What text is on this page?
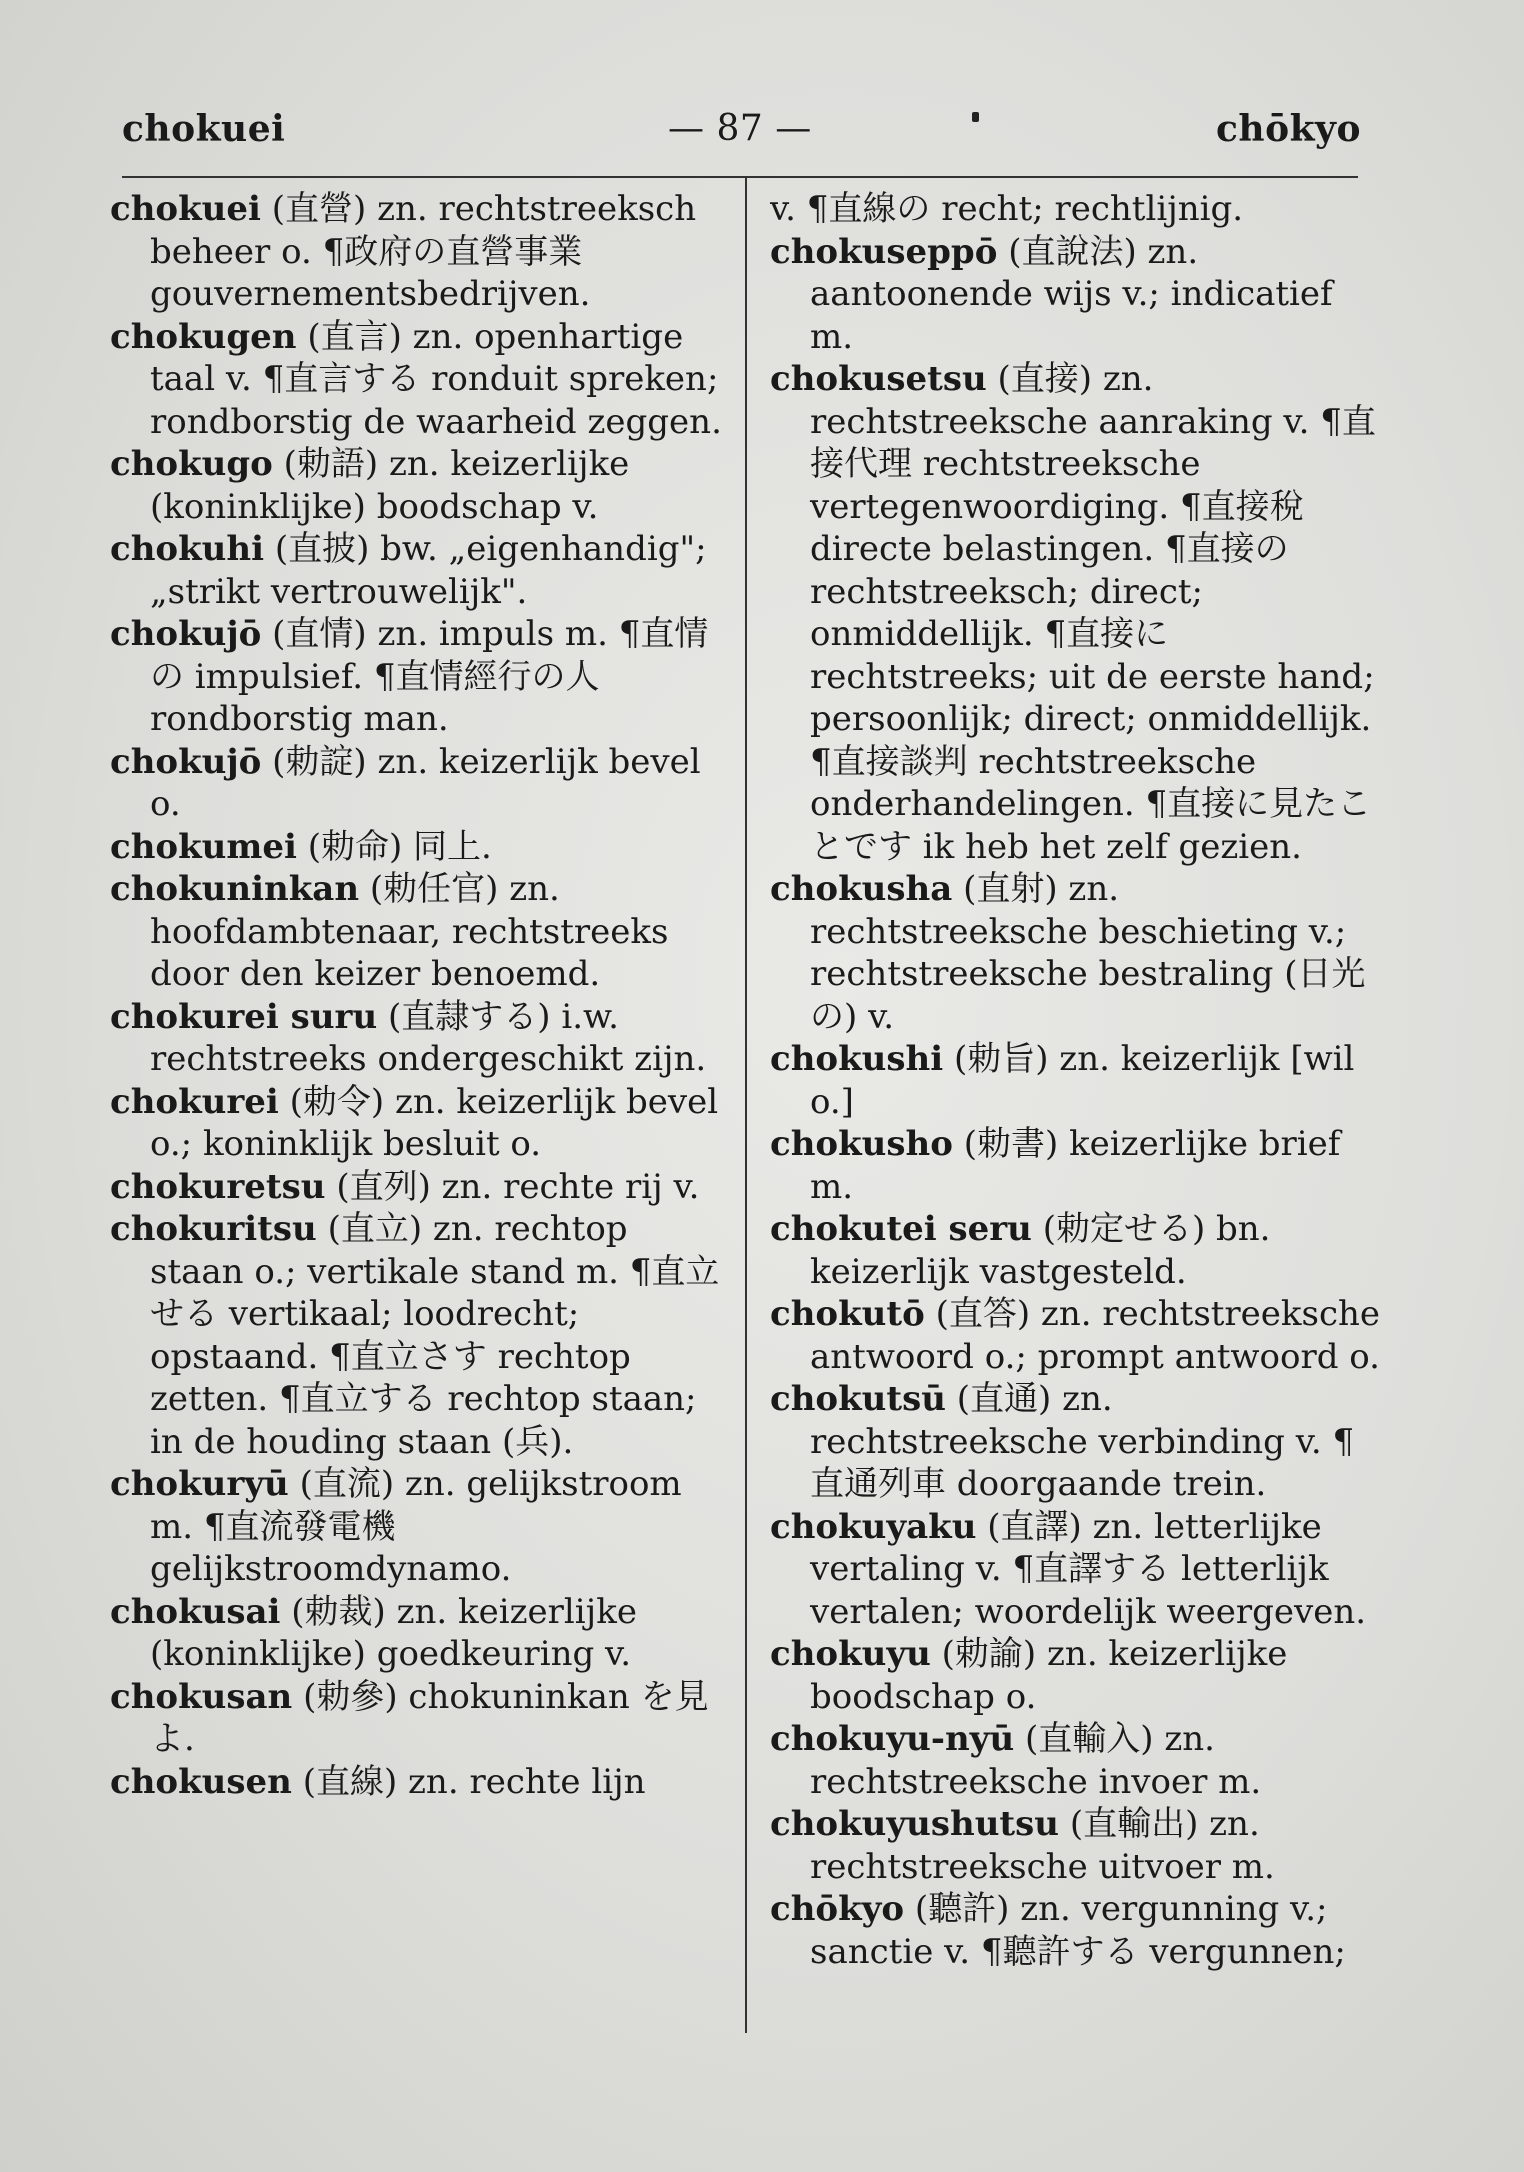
chokuei	— 87 —	chōkyo
chokuei (直營) zn. rechtstreeksch beheer o. ¶政府の直營事業 gouvernementsbedrijven.
chokugen (直言) zn. openhartige taal v. ¶直言する ronduit spreken; rondborstig de waarheid zeggen.
chokugo (勅語) zn. keizerlijke (koninklijke) boodschap v.
chokuhi (直披) bw. „eigenhandig"; „strikt vertrouwelijk".
chokujō (直情) zn. impuls m. ¶直情の impulsief. ¶直情經行の人 rondborstig man.
chokujō (勅諚) zn. keizerlijk bevel o.
chokumei (勅命) 同上.
chokuninkan (勅任官) zn. hoofdambtenaar, rechtstreeks door den keizer benoemd.
chokurei suru (直隷する) i.w. rechtstreeks ondergeschikt zijn.
chokurei (勅令) zn. keizerlijk bevel o.; koninklijk besluit o.
chokuretsu (直列) zn. rechte rij v.
chokuritsu (直立) zn. rechtop staan o.; vertikale stand m. ¶直立せる vertikaal; loodrecht; opstaand. ¶直立さす rechtop zetten. ¶直立する rechtop staan; in de houding staan (兵).
chokuryū (直流) zn. gelijkstroom m. ¶直流發電機 gelijkstroomdynamo.
chokusai (勅裁) zn. keizerlijke (koninklijke) goedkeuring v.
chokusan (勅參) chokuninkan を見よ.
chokusen (直線) zn. rechte lijn
v. ¶直線の recht; rechtlijnig.
chokuseppō (直說法) zn. aantoonende wijs v.; indicatief m.
chokusetsu (直接) zn. rechtstreeksche aanraking v. ¶直接代理 rechtstreeksche vertegenwoordiging. ¶直接稅 directe belastingen. ¶直接の rechtstreeksch; direct; onmiddellijk. ¶直接に rechtstreeks; uit de eerste hand; persoonlijk; direct; onmiddellijk. ¶直接談判 rechtstreeksche onderhandelingen. ¶直接に見たことです ik heb het zelf gezien.
chokusha (直射) zn. rechtstreeksche beschieting v.; rechtstreeksche bestraling (日光の) v.
chokushi (勅旨) zn. keizerlijk [wil o.]
chokusho (勅書) keizerlijke brief m.
chokutei seru (勅定せる) bn. keizerlijk vastgesteld.
chokutō (直答) zn. rechtstreeksche antwoord o.; prompt antwoord o.
chokutsū (直通) zn. rechtstreeksche verbinding v. ¶直通列車 doorgaande trein.
chokuyaku (直譯) zn. letterlijke vertaling v. ¶直譯する letterlijk vertalen; woordelijk weergeven.
chokuyu (勅諭) zn. keizerlijke boodschap o.
chokuyu-nyū (直輸入) zn. rechtstreeksche invoer m.
chokuyushutsu (直輸出) zn. rechtstreeksche uitvoer m.
chōkyo (聽許) zn. vergunning v.; sanctie v. ¶聽許する vergunnen;
